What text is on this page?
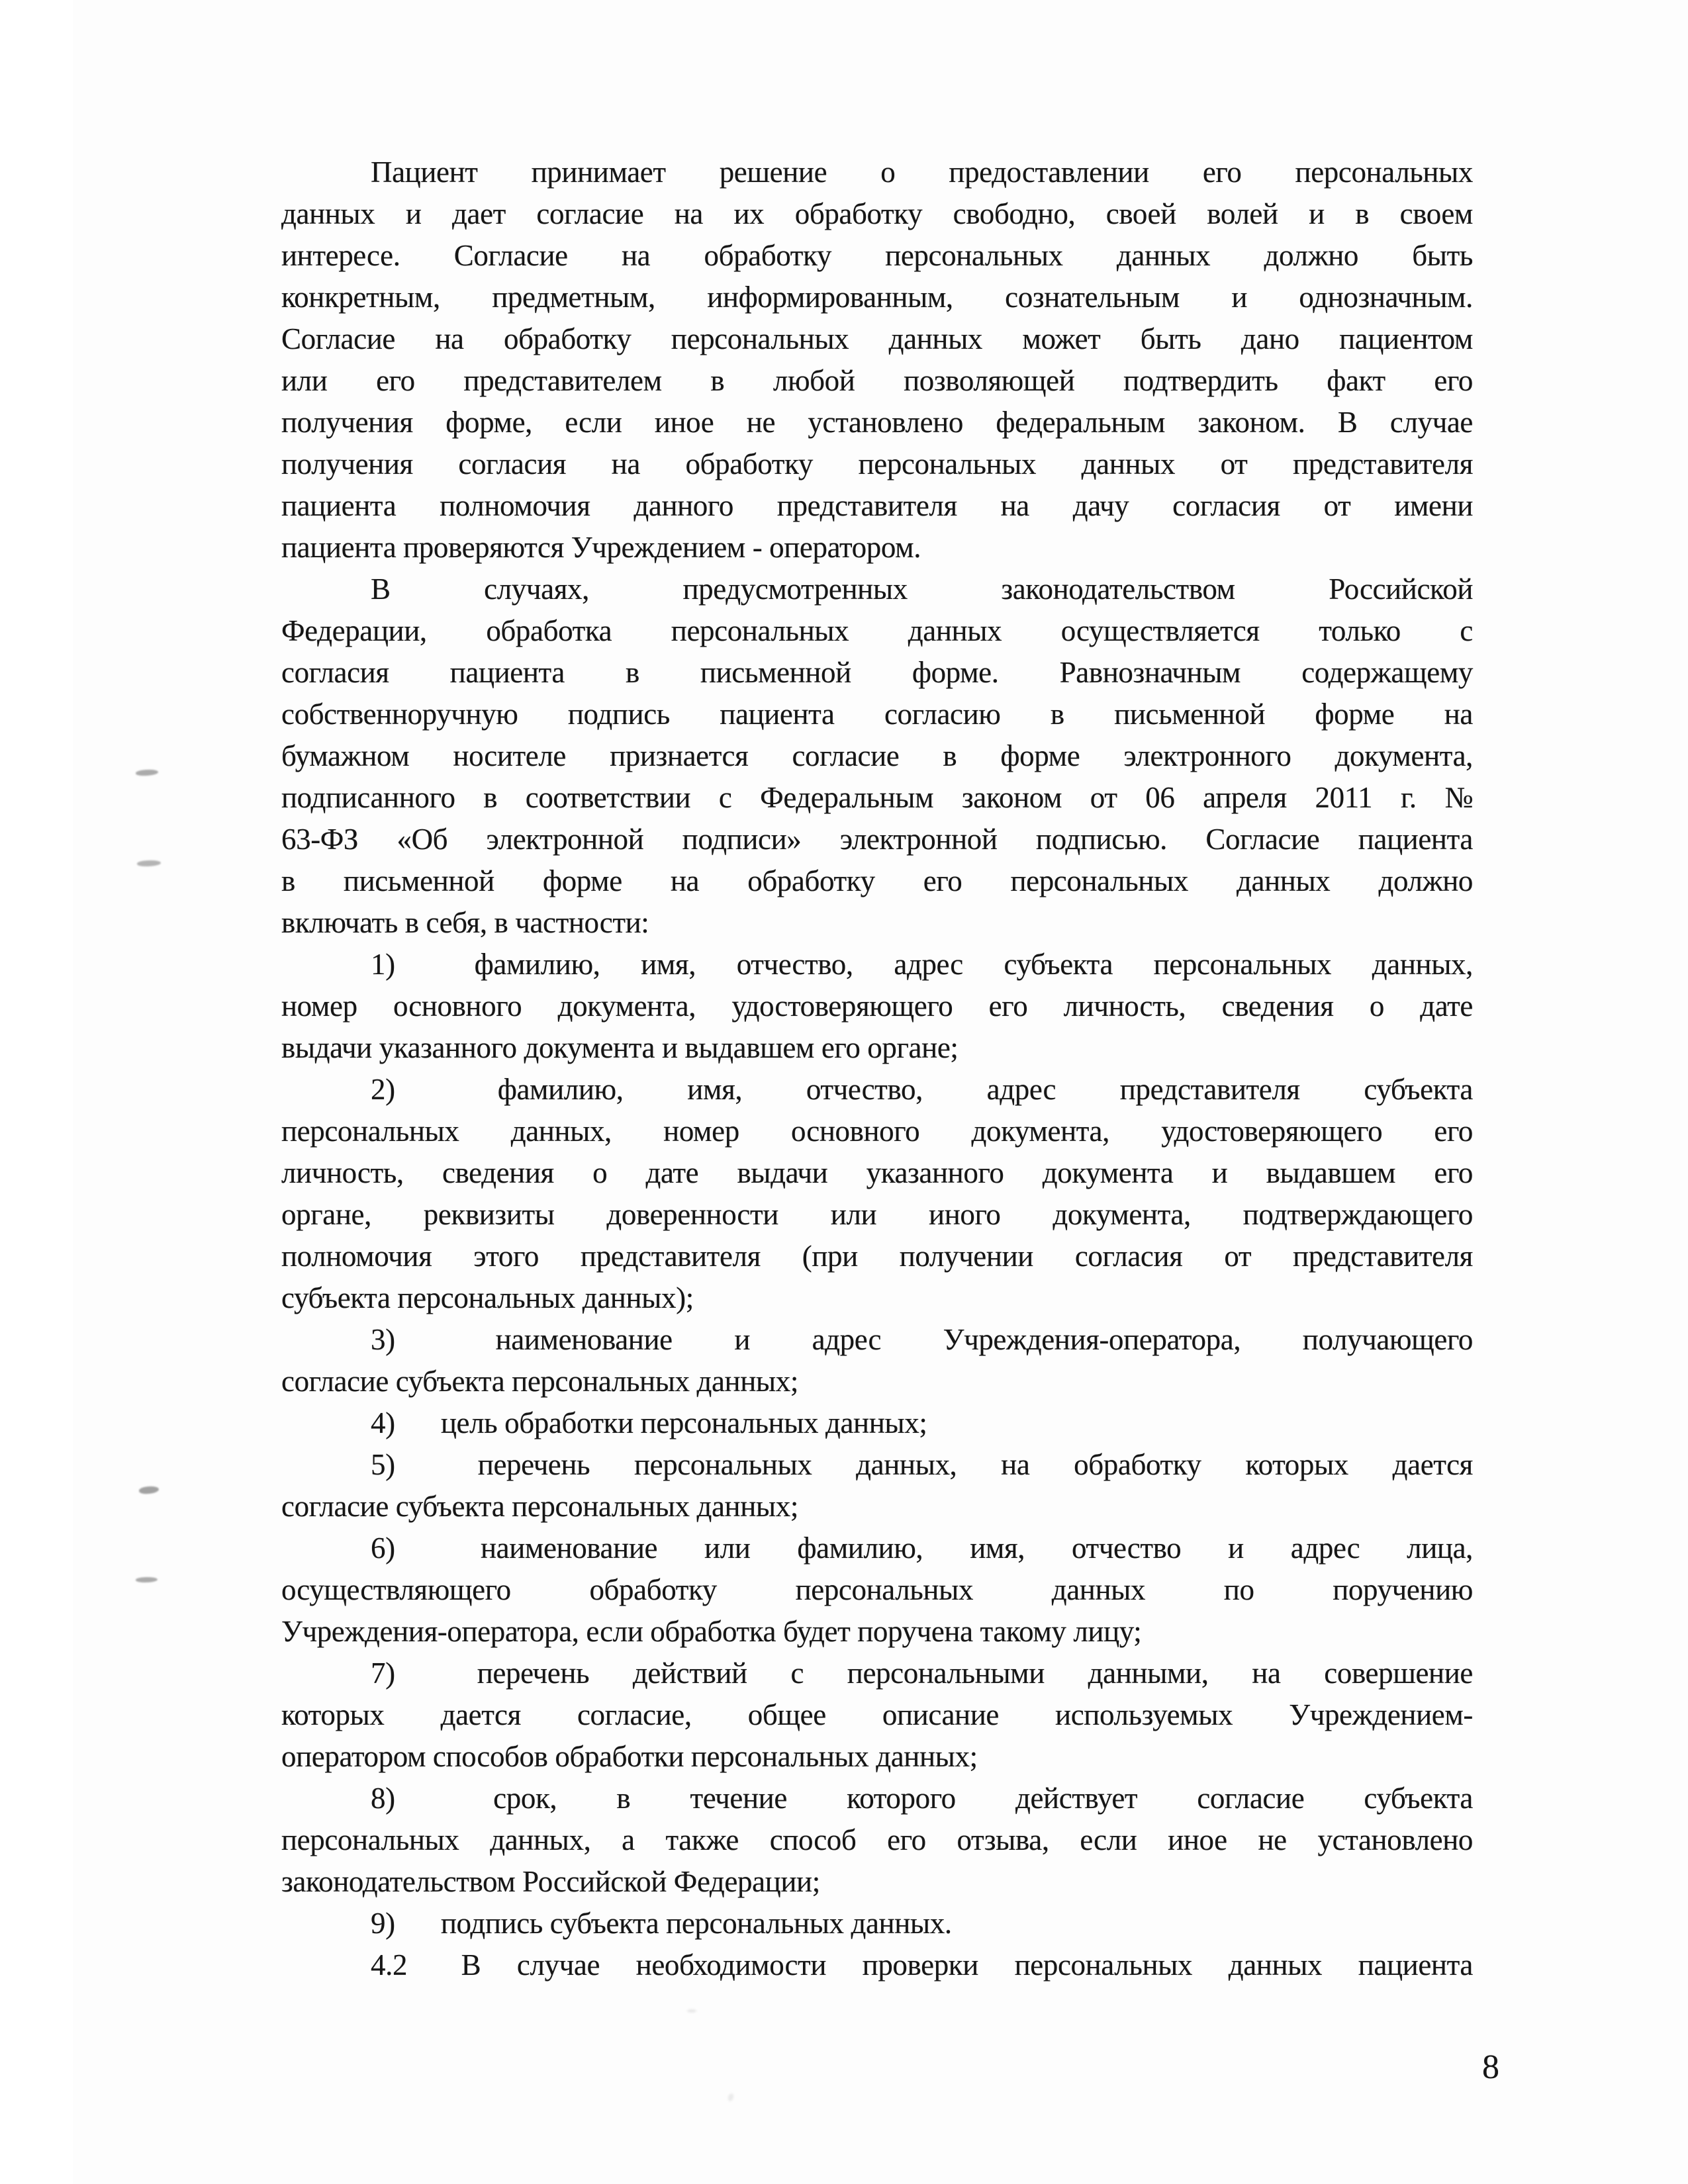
Пациент принимает решение о предоставлении его персональных
данных и дает согласие на их обработку свободно, своей волей и в своем
интересе. Согласие на обработку персональных данных должно быть
конкретным, предметным, информированным, сознательным и однозначным.
Согласие на обработку персональных данных может быть дано пациентом
или его представителем в любой позволяющей подтвердить факт его
получения форме, если иное не установлено федеральным законом. В случае
получения согласия на обработку персональных данных от представителя
пациента полномочия данного представителя на дачу согласия от имени
пациента проверяются Учреждением - оператором.
В случаях, предусмотренных законодательством Российской
Федерации, обработка персональных данных осуществляется только с
согласия пациента в письменной форме. Равнозначным содержащему
собственноручную подпись пациента согласию в письменной форме на
бумажном носителе признается согласие в форме электронного документа,
подписанного в соответствии с Федеральным законом от 06 апреля 2011 г. №
63-ФЗ «Об электронной подписи» электронной подписью. Согласие пациента
в письменной форме на обработку его персональных данных должно
включать в себя, в частности:
1) фамилию, имя, отчество, адрес субъекта персональных данных,
номер основного документа, удостоверяющего его личность, сведения о дате
выдачи указанного документа и выдавшем его органе;
2) фамилию, имя, отчество, адрес представителя субъекта
персональных данных, номер основного документа, удостоверяющего его
личность, сведения о дате выдачи указанного документа и выдавшем его
органе, реквизиты доверенности или иного документа, подтверждающего
полномочия этого представителя (при получении согласия от представителя
субъекта персональных данных);
3) наименование и адрес Учреждения-оператора, получающего
согласие субъекта персональных данных;
4) цель обработки персональных данных;
5) перечень персональных данных, на обработку которых дается
согласие субъекта персональных данных;
6) наименование или фамилию, имя, отчество и адрес лица,
осуществляющего обработку персональных данных по поручению
Учреждения-оператора, если обработка будет поручена такому лицу;
7) перечень действий с персональными данными, на совершение
которых дается согласие, общее описание используемых Учреждением-
оператором способов обработки персональных данных;
8) срок, в течение которого действует согласие субъекта
персональных данных, а также способ его отзыва, если иное не установлено
законодательством Российской Федерации;
9) подпись субъекта персональных данных.
4.2 В случае необходимости проверки персональных данных пациента
8
